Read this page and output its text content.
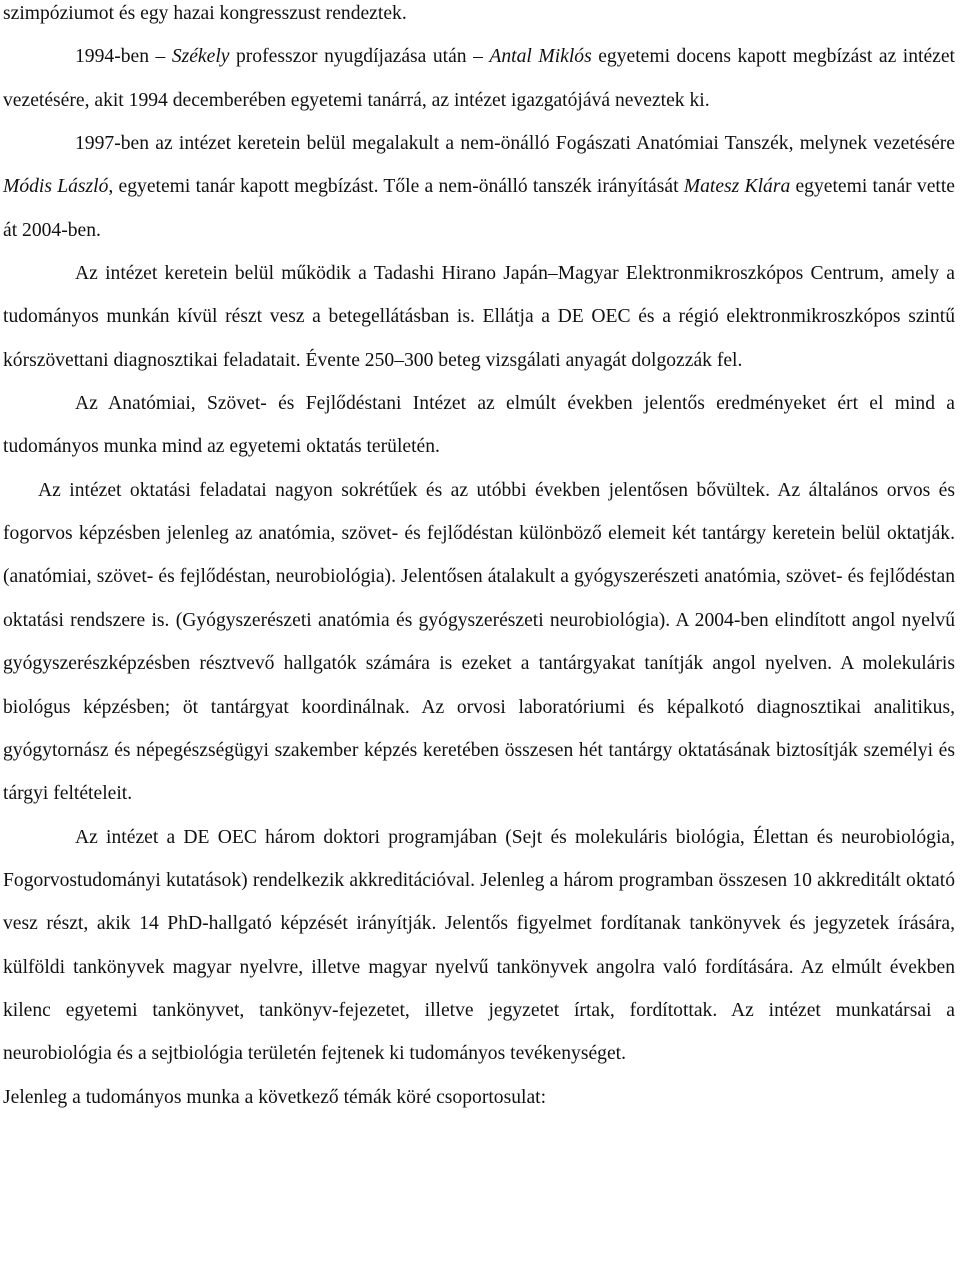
szimpóziumot és egy hazai kongresszust rendeztek.

1994-ben – Székely professzor nyugdíjazása után – Antal Miklós egyetemi docens kapott megbízást az intézet vezetésére, akit 1994 decemberében egyetemi tanárrá, az intézet igazgatójává neveztek ki.

1997-ben az intézet keretein belül megalakult a nem-önálló Fogászati Anatómiai Tanszék, melynek vezetésére Módis László, egyetemi tanár kapott megbízást. Tőle a nem-önálló tanszék irányítását Matesz Klára egyetemi tanár vette át 2004-ben.

Az intézet keretein belül működik a Tadashi Hirano Japán–Magyar Elektronmikroszkópos Centrum, amely a tudományos munkán kívül részt vesz a betegellátásban is. Ellátja a DE OEC és a régió elektronmikroszkópos szintű kórszövettani diagnosztikai feladatait. Évente 250–300 beteg vizsgálati anyagát dolgozzák fel.

Az Anatómiai, Szövet- és Fejlődéstani Intézet az elmúlt években jelentős eredményeket ért el mind a tudományos munka mind az egyetemi oktatás területén.

Az intézet oktatási feladatai nagyon sokrétűek és az utóbbi években jelentősen bővültek. Az általános orvos és fogorvos képzésben jelenleg az anatómia, szövet- és fejlődéstan különböző elemeit két tantárgy keretein belül oktatják. (anatómiai, szövet- és fejlődéstan, neurobiológia). Jelentősen átalakult a gyógyszerészeti anatómia, szövet- és fejlődéstan oktatási rendszere is. (Gyógyszerészeti anatómia és gyógyszerészeti neurobiológia). A 2004-ben elindított angol nyelvű gyógyszerészképzésben résztvevő hallgatók számára is ezeket a tantárgyakat tanítják angol nyelven. A molekuláris biológus képzésben; öt tantárgyat koordinálnak. Az orvosi laboratóriumi és képalkotó diagnosztikai analitikus, gyógytornász és népegészségügyi szakember képzés keretében összesen hét tantárgy oktatásának biztosítják személyi és tárgyi feltételeit.

Az intézet a DE OEC három doktori programjában (Sejt és molekuláris biológia, Élettan és neurobiológia, Fogorvostudományi kutatások) rendelkezik akkreditációval. Jelenleg a három programban összesen 10 akkreditált oktató vesz részt, akik 14 PhD-hallgató képzését irányítják. Jelentős figyelmet fordítanak tankönyvek és jegyzetek írására, külföldi tankönyvek magyar nyelvre, illetve magyar nyelvű tankönyvek angolra való fordítására. Az elmúlt években kilenc egyetemi tankönyvet, tankönyv-fejezetet, illetve jegyzetet írtak, fordítottak. Az intézet munkatársai a neurobiológia és a sejtbiológia területén fejtenek ki tudományos tevékenységet.

Jelenleg a tudományos munka a következő témák köré csoportosulat:
